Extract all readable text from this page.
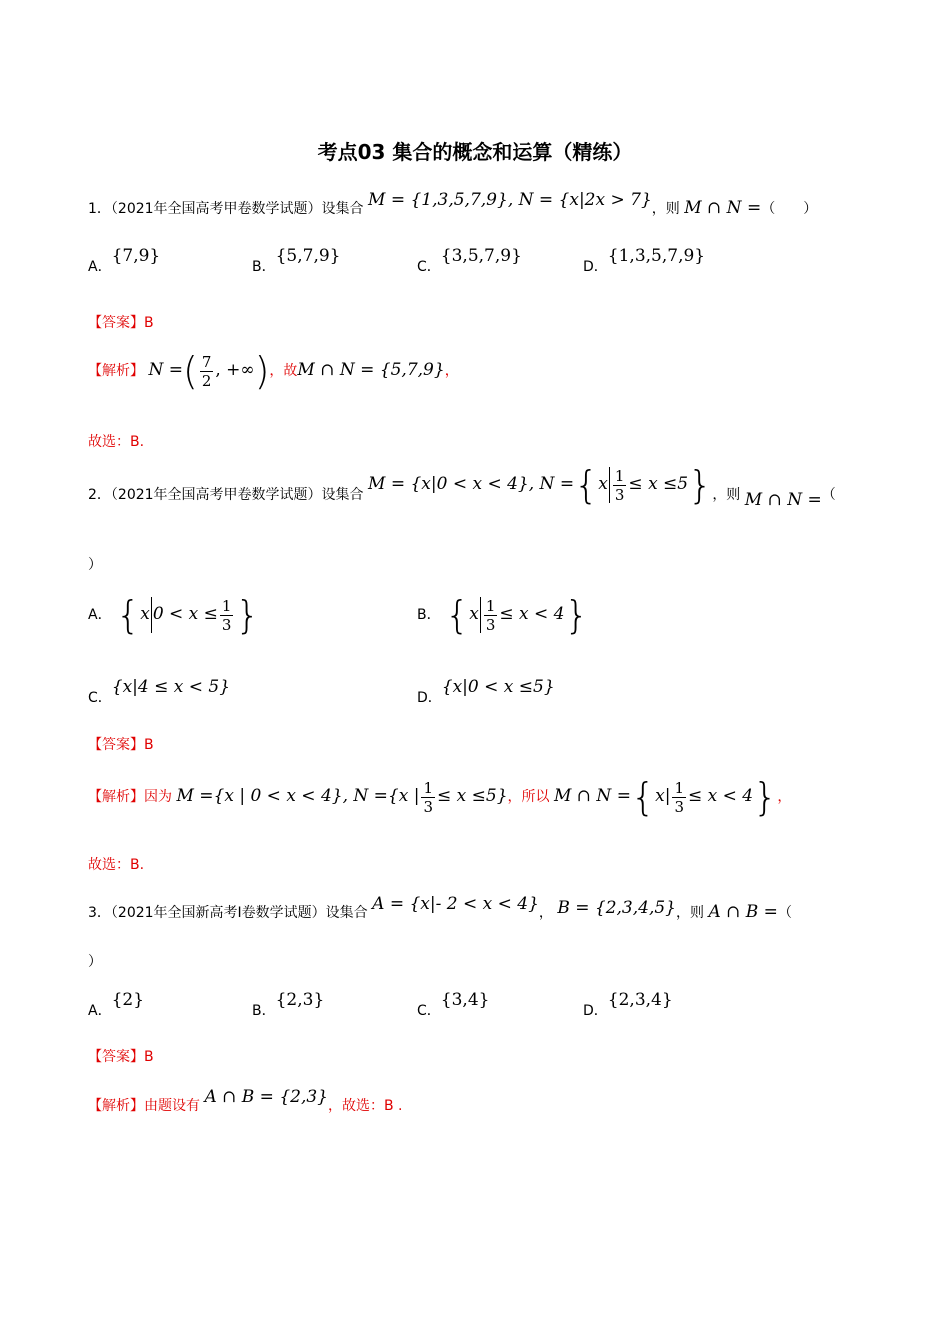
考点03 集合的概念和运算（精练）
1．（2021年全国高考甲卷数学试题）设集合 M = {1,3,5,7,9}, N = {x|2x > 7}，则 M ∩ N =（　　）
A．{7,9}
B．{5,7,9}
C．{3,5,7,9}
D．{1,3,5,7,9}
【答案】B
【解析】 N =( $\frac{7}{2}$ , +∞)，故M ∩ N = {5,7,9}，
故选：B.
2．（2021年全国高考甲卷数学试题）设集合 M = {x|0 < x < 4}, $N =\{x \frac{1}{3} \le x \le 5\}$，则 M ∩ N =（
）
A． {x $0 < x \le \frac{1}{3}$ }	B． $\{x \frac{1}{3} \le x < 4\}$
C．{x|4 ≤ x < 5}
D．{x|0 < x ≤5}
【答案】B
【解析】因为 M ={x | 0 < x < 4}, N ={x | $\frac{1}{3} \le x \le 5$}，所以 M ∩ $N =\{x| \frac{1}{3} \le x < 4\}$，
故选：B.
3．（2021年全国新高考Ⅰ卷数学试题）设集合 A = {x|- 2 < x < 4}， B = {2,3,4,5}，则 A ∩ B =（
）
A．{2}
B．{2,3}
C．{3,4}
D．{2,3,4}
【答案】B
【解析】由题设有 A ∩ B = {2,3}，故选：B .
